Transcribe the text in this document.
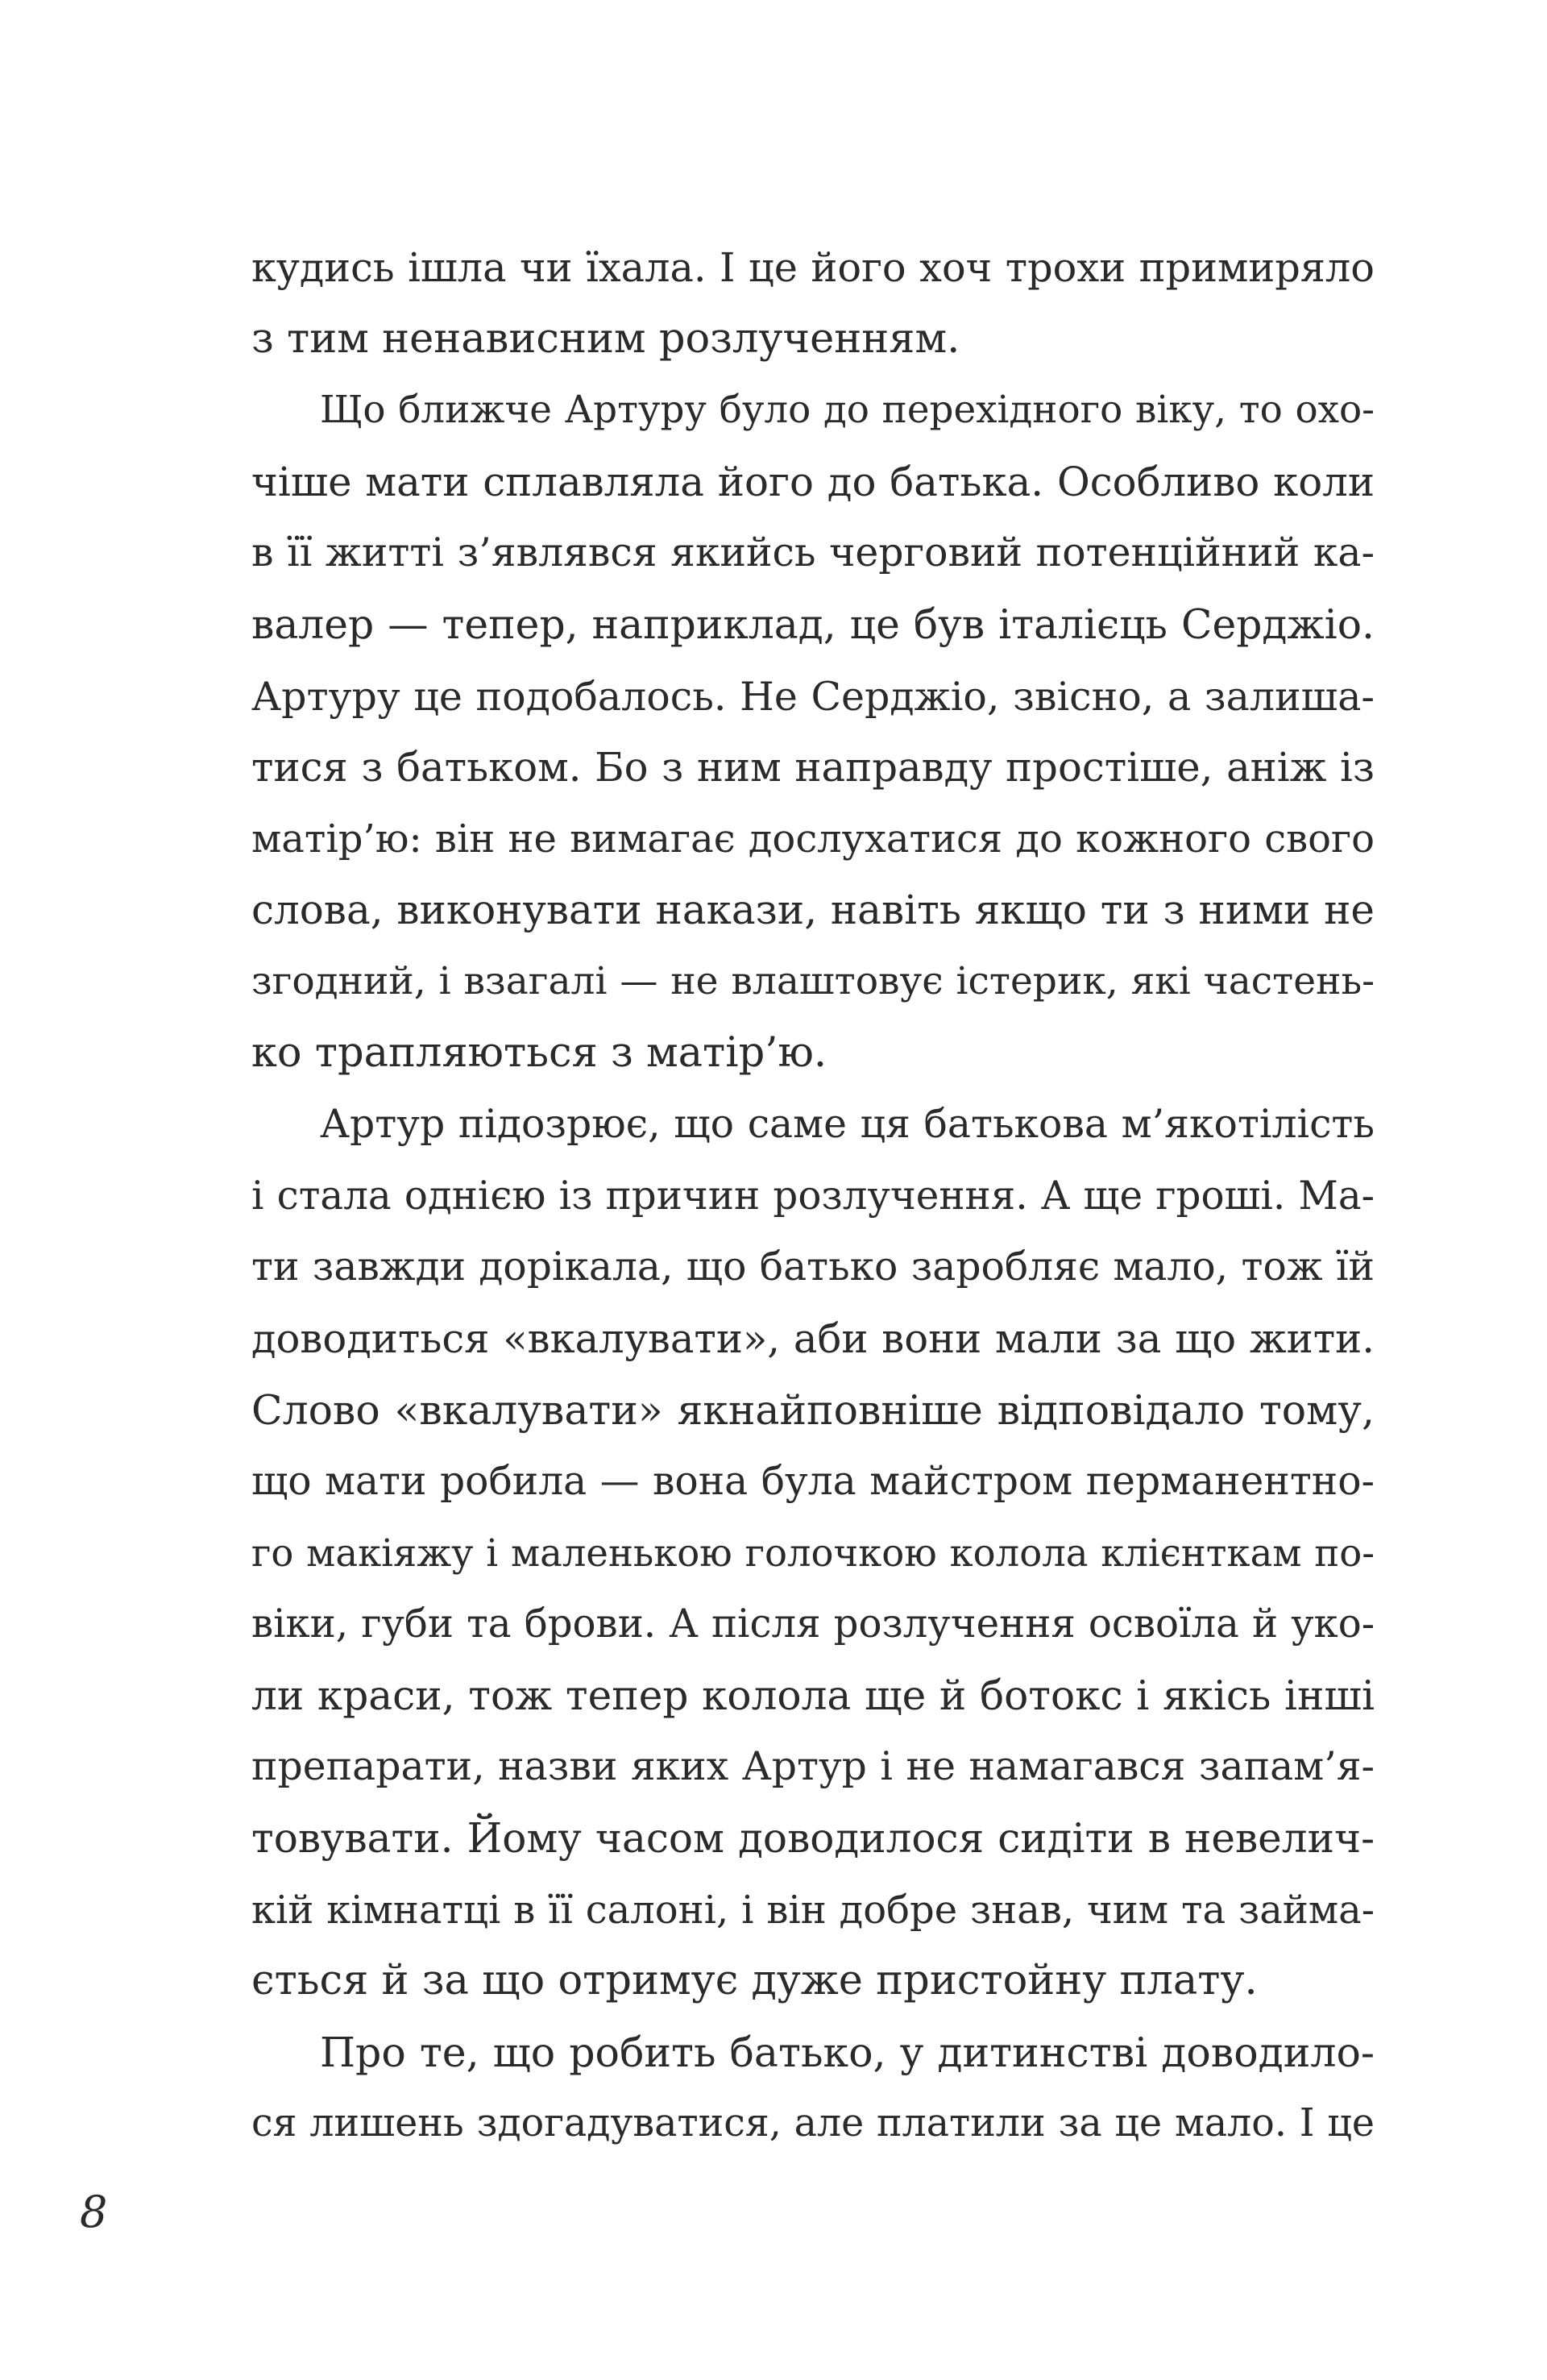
кудись ішла чи їхала. І це його хоч трохи примиряло
з тим ненависним розлученням.
Що ближче Артуру було до перехідного віку, то охо-
чіше мати сплавляла його до батька. Особливо коли
в її житті з’являвся якийсь черговий потенційний ка-
валер — тепер, наприклад, це був італієць Серджіо.
Артуру це подобалось. Не Серджіо, звісно, а залиша-
тися з батьком. Бо з ним направду простіше, аніж із
матір’ю: він не вимагає дослухатися до кожного свого
слова, виконувати накази, навіть якщо ти з ними не
згодний, і взагалі — не влаштовує істерик, які частень-
ко трапляються з матір’ю.
Артур підозрює, що саме ця батькова м’якотілість
і стала однією із причин розлучення. А ще гроші. Ма-
ти завжди дорікала, що батько заробляє мало, тож їй
доводиться «вкалувати», аби вони мали за що жити.
Слово «вкалувати» якнайповніше відповідало тому,
що мати робила — вона була майстром перманентно-
го макіяжу і маленькою голочкою колола клієнткам по-
віки, губи та брови. А після розлучення освоїла й уко-
ли краси, тож тепер колола ще й ботокс і якісь інші
препарати, назви яких Артур і не намагався запам’я-
товувати. Йому часом доводилося сидіти в невелич-
кій кімнатці в її салоні, і він добре знав, чим та займа-
ється й за що отримує дуже пристойну плату.
Про те, що робить батько, у дитинстві доводило-
ся лишень здогадуватися, але платили за це мало. І це
8
